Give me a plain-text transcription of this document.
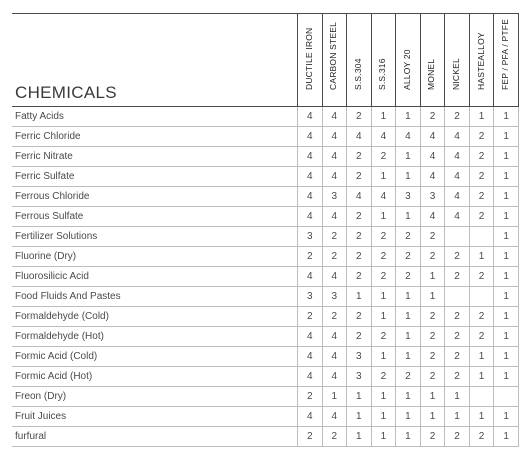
CHEMICALS	DUCTILE IRON	CARBON STEEL	S.S.304	S.S.316	ALLOY 20	MONEL	NICKEL	HASTEALLOY	FEP / PFA / PTFE

Fatty Acids	4	4	2	1	1	2	2	1	1
Ferric Chloride	4	4	4	4	4	4	4	2	1
Ferric Nitrate	4	4	2	2	1	4	4	2	1
Ferric Sulfate	4	4	2	1	1	4	4	2	1
Ferrous Chloride	4	3	4	4	3	3	4	2	1
Ferrous Sulfate	4	4	2	1	1	4	4	2	1
Fertilizer Solutions	3	2	2	2	2	2			1
Fluorine (Dry)	2	2	2	2	2	2	2	1	1
Fluorosilicic Acid	4	4	2	2	2	1	2	2	1
Food Fluids And Pastes	3	3	1	1	1	1			1
Formaldehyde (Cold)	2	2	2	1	1	2	2	2	1
Formaldehyde (Hot)	4	4	2	2	1	2	2	2	1
Formic Acid (Cold)	4	4	3	1	1	2	2	1	1
Formic Acid (Hot)	4	4	3	2	2	2	2	1	1
Freon (Dry)	2	1	1	1	1	1	1		
Fruit Juices	4	4	1	1	1	1	1	1	1
furfural	2	2	1	1	1	2	2	2	1
